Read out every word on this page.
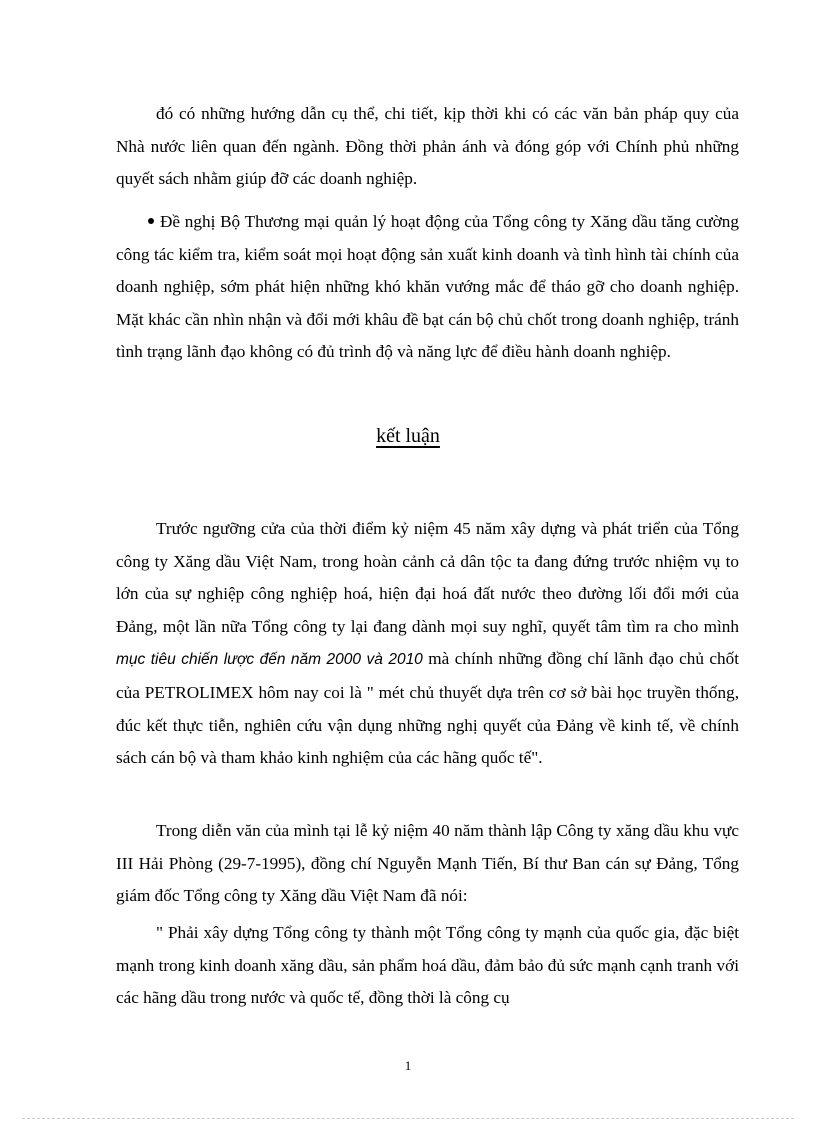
đó có những hướng dẫn cụ thể, chi tiết, kịp thời khi có các văn bản pháp quy của Nhà nước liên quan đến ngành. Đồng thời phản ánh và đóng góp với Chính phủ những quyết sách nhằm giúp đỡ các doanh nghiệp.

Đề nghị Bộ Thương mại quản lý hoạt động của Tổng công ty Xăng dầu tăng cường công tác kiểm tra, kiểm soát mọi hoạt động sản xuất kinh doanh và tình hình tài chính của doanh nghiệp, sớm phát hiện những khó khăn vướng mắc để tháo gỡ cho doanh nghiệp. Mặt khác cần nhìn nhận và đổi mới khâu đề bạt cán bộ chủ chốt trong doanh nghiệp, tránh tình trạng lãnh đạo không có đủ trình độ và năng lực để điều hành doanh nghiệp.

kết luận

Trước ngưỡng cửa của thời điểm kỷ niệm 45 năm xây dựng và phát triển của Tổng công ty Xăng dầu Việt Nam, trong hoàn cảnh cả dân tộc ta đang đứng trước nhiệm vụ to lớn của sự nghiệp công nghiệp hoá, hiện đại hoá đất nước theo đường lối đổi mới của Đảng, một lần nữa Tổng công ty lại đang dành mọi suy nghĩ, quyết tâm tìm ra cho mình mục tiêu chiến lược đến năm 2000 và 2010 mà chính những đồng chí lãnh đạo chủ chốt của PETROLIMEX hôm nay coi là " mét chủ thuyết dựa trên cơ sở bài học truyền thống, đúc kết thực tiễn, nghiên cứu vận dụng những nghị quyết của Đảng về kinh tế, về chính sách cán bộ và tham khảo kinh nghiệm của các hãng quốc tế".

Trong diễn văn của mình tại lễ kỷ niệm 40 năm thành lập Công ty xăng dầu khu vực III Hải Phòng (29-7-1995), đồng chí Nguyễn Mạnh Tiến, Bí thư Ban cán sự Đảng, Tổng giám đốc Tổng công ty Xăng dầu Việt Nam đã nói:

" Phải xây dựng Tổng công ty thành một Tổng công ty mạnh của quốc gia, đặc biệt mạnh trong kinh doanh xăng dầu, sản phẩm hoá dầu, đảm bảo đủ sức mạnh cạnh tranh với các hãng dầu trong nước và quốc tế, đồng thời là công cụ

1
